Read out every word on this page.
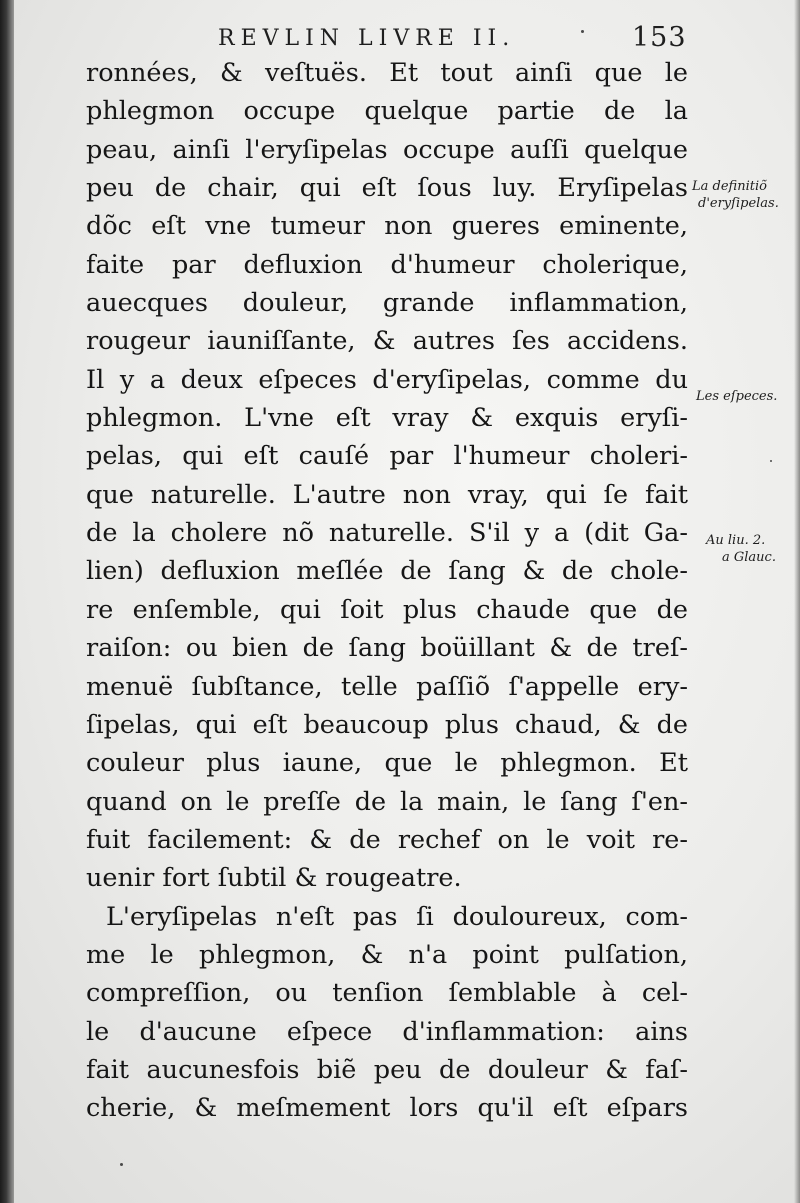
REVLIN LIVRE II.	153
ronnées, & veſtuës. Et tout ainſi que le
phlegmon occupe quelque partie de la
peau, ainſi l'eryſipelas occupe auſſi quelque
peu de chair, qui eſt ſous luy. Eryſipelas
dõc eſt vne tumeur non gueres eminente,
faite par defluxion d'humeur cholerique,
auecques douleur, grande inflammation,
rougeur iauniſſante, & autres ſes accidens.
Il y a deux eſpeces d'eryſipelas, comme du
phlegmon. L'vne eſt vray & exquis eryſi-
pelas, qui eſt cauſé par l'humeur choleri-
que naturelle. L'autre non vray, qui ſe fait
de la cholere nõ naturelle. S'il y a (dit Ga-
lien) defluxion meſlée de ſang & de chole-
re enſemble, qui ſoit plus chaude que de
raiſon: ou bien de ſang boüillant & de treſ-
menuë ſubſtance, telle paſſiõ ſ'appelle ery-
ſipelas, qui eſt beaucoup plus chaud, & de
couleur plus iaune, que le phlegmon. Et
quand on le preſſe de la main, le ſang ſ'en-
fuit facilement: & de rechef on le voit re-
uenir fort ſubtil & rougeatre.
L'eryſipelas n'eſt pas ſi douloureux, com-
me le phlegmon, & n'a point pulſation,
compreſſion, ou tenſion ſemblable à cel-
le d'aucune eſpece d'inflammation: ains
fait aucunesfois biẽ peu de douleur & faſ-
cherie, & meſmement lors qu'il eſt eſpars
La definitiõ
d'eryſipelas.
Les eſpeces.
Au liu. 2.
a Glauc.
